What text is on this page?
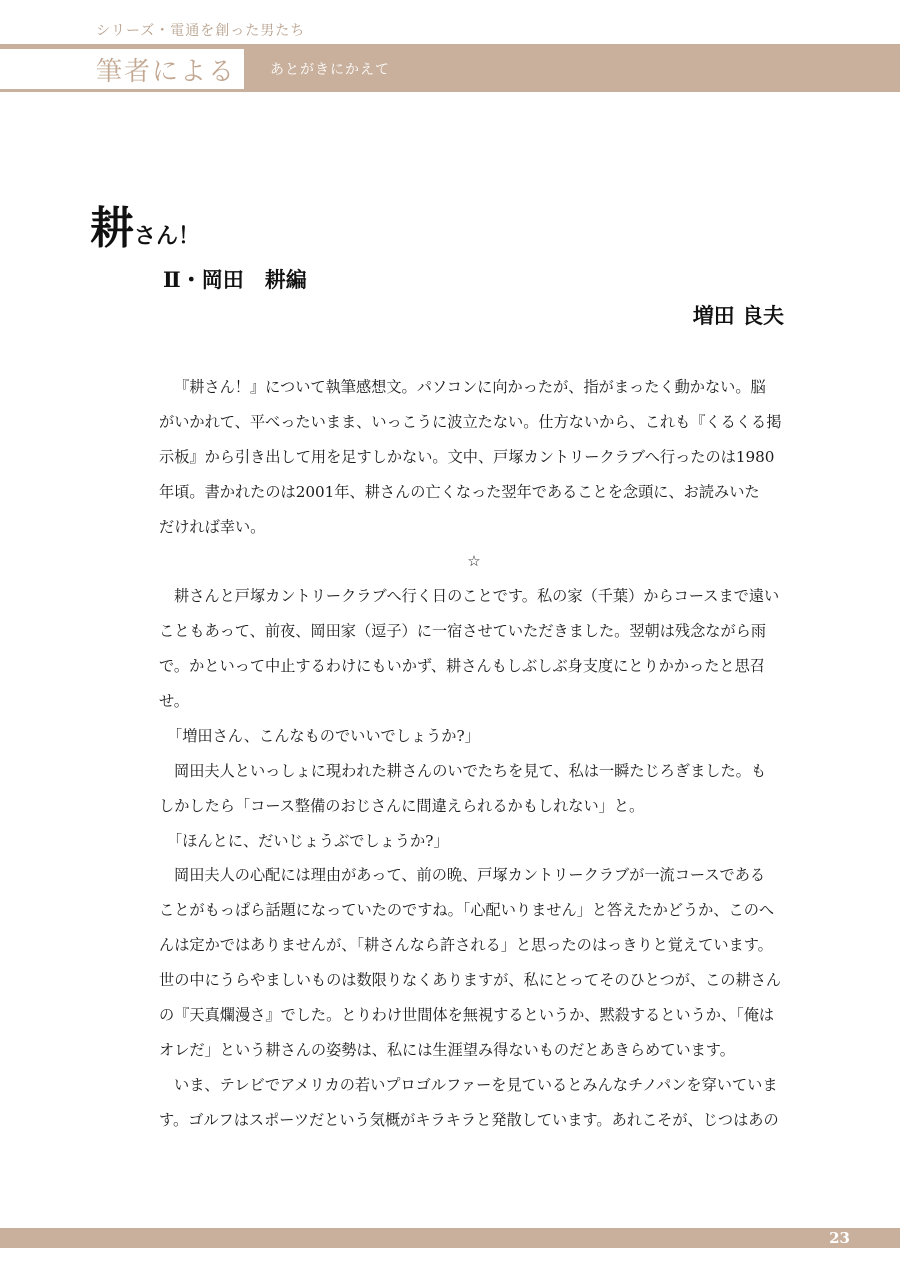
シリーズ・電通を創った男たち
筆者による あとがきにかえて
耕さん！
Ⅱ・岡田　耕編
増田 良夫
『耕さん！』について執筆感想文。パソコンに向かったが、指がまったく動かない。脳
がいかれて、平べったいまま、いっこうに波立たない。仕方ないから、これも『くるくる掲
示板』から引き出して用を足すしかない。文中、戸塚カントリークラブへ行ったのは1980
年頃。書かれたのは2001年、耕さんの亡くなった翌年であることを念頭に、お読みいた
だければ幸い。
☆
耕さんと戸塚カントリークラブへ行く日のことです。私の家（千葉）からコースまで遠い
こともあって、前夜、岡田家（逗子）に一宿させていただきました。翌朝は残念ながら雨
で。かといって中止するわけにもいかず、耕さんもしぶしぶ身支度にとりかかったと思召
せ。
「増田さん、こんなものでいいでしょうか?」
岡田夫人といっしょに現われた耕さんのいでたちを見て、私は一瞬たじろぎました。も
しかしたら「コース整備のおじさんに間違えられるかもしれない」と。
「ほんとに、だいじょうぶでしょうか?」
岡田夫人の心配には理由があって、前の晩、戸塚カントリークラブが一流コースである
ことがもっぱら話題になっていたのですね。「心配いりません」と答えたかどうか、このへ
んは定かではありませんが、「耕さんなら許される」と思ったのはっきりと覚えています。
世の中にうらやましいものは数限りなくありますが、私にとってそのひとつが、この耕さん
の『天真爛漫さ』でした。とりわけ世間体を無視するというか、黙殺するというか、「俺は
オレだ」という耕さんの姿勢は、私には生涯望み得ないものだとあきらめています。
いま、テレビでアメリカの若いプロゴルファーを見ているとみんなチノパンを穿いていま
す。ゴルフはスポーツだという気概がキラキラと発散しています。あれこそが、じつはあの
23
